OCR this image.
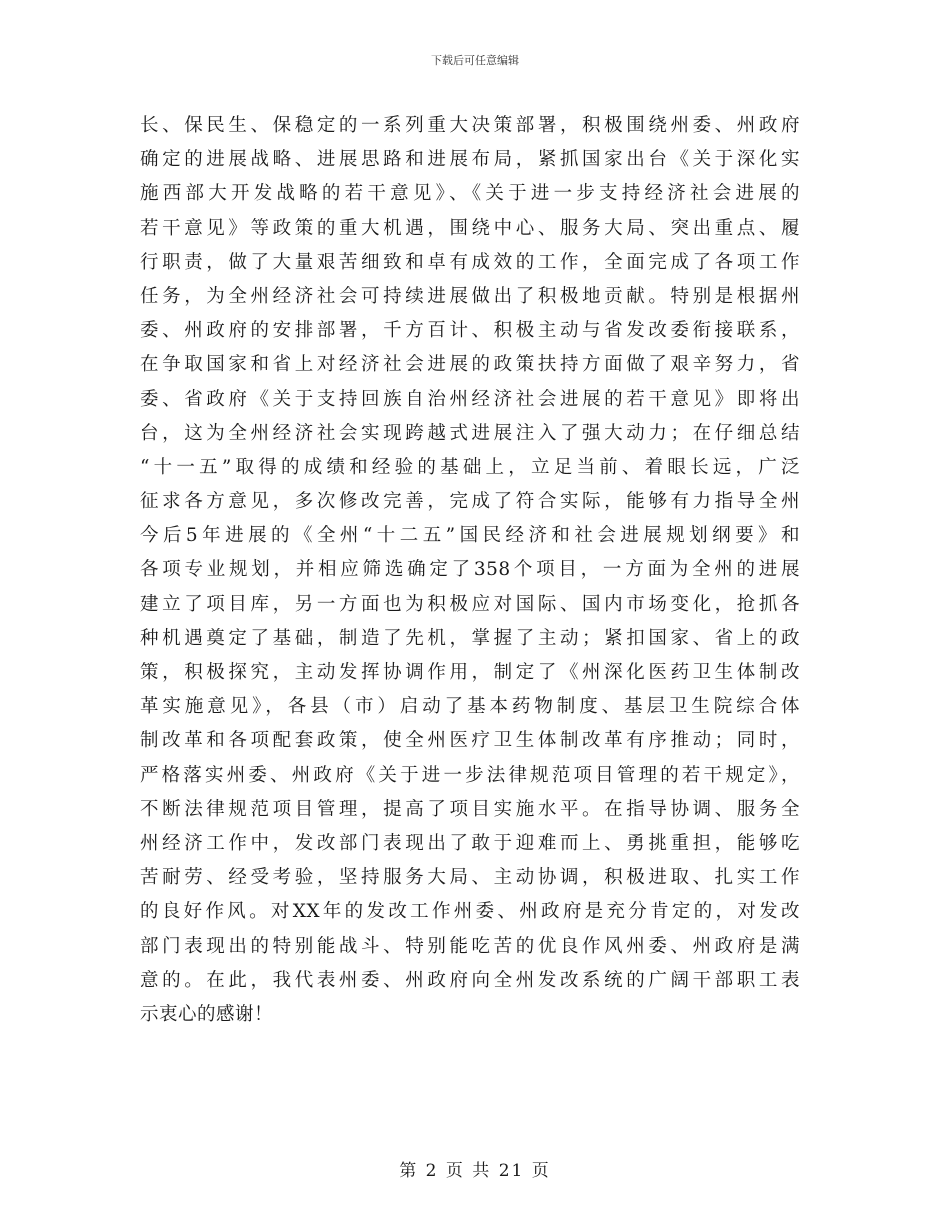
下载后可任意编辑
长、保民生、保稳定的一系列重大决策部署，积极围绕州委、州政府
确定的进展战略、进展思路和进展布局，紧抓国家出台《关于深化实
施西部大开发战略的若干意见》、《关于进一步支持经济社会进展的
若干意见》等政策的重大机遇，围绕中心、服务大局、突出重点、履
行职责，做了大量艰苦细致和卓有成效的工作，全面完成了各项工作
任务，为全州经济社会可持续进展做出了积极地贡献。特别是根据州
委、州政府的安排部署，千方百计、积极主动与省发改委衔接联系，
在争取国家和省上对经济社会进展的政策扶持方面做了艰辛努力，省
委、省政府《关于支持回族自治州经济社会进展的若干意见》即将出
台，这为全州经济社会实现跨越式进展注入了强大动力；在仔细总结
“十一五”取得的成绩和经验的基础上，立足当前、着眼长远，广泛
征求各方意见，多次修改完善，完成了符合实际，能够有力指导全州
今后5年进展的《全州“十二五”国民经济和社会进展规划纲要》和
各项专业规划，并相应筛选确定了358个项目，一方面为全州的进展
建立了项目库，另一方面也为积极应对国际、国内市场变化，抢抓各
种机遇奠定了基础，制造了先机，掌握了主动；紧扣国家、省上的政
策，积极探究，主动发挥协调作用，制定了《州深化医药卫生体制改
革实施意见》，各县（市）启动了基本药物制度、基层卫生院综合体
制改革和各项配套政策，使全州医疗卫生体制改革有序推动；同时，
严格落实州委、州政府《关于进一步法律规范项目管理的若干规定》，
不断法律规范项目管理，提高了项目实施水平。在指导协调、服务全
州经济工作中，发改部门表现出了敢于迎难而上、勇挑重担，能够吃
苦耐劳、经受考验，坚持服务大局、主动协调，积极进取、扎实工作
的良好作风。对XX年的发改工作州委、州政府是充分肯定的，对发改
部门表现出的特别能战斗、特别能吃苦的优良作风州委、州政府是满
意的。在此，我代表州委、州政府向全州发改系统的广阔干部职工表
示衷心的感谢！
第 2 页 共 21 页
